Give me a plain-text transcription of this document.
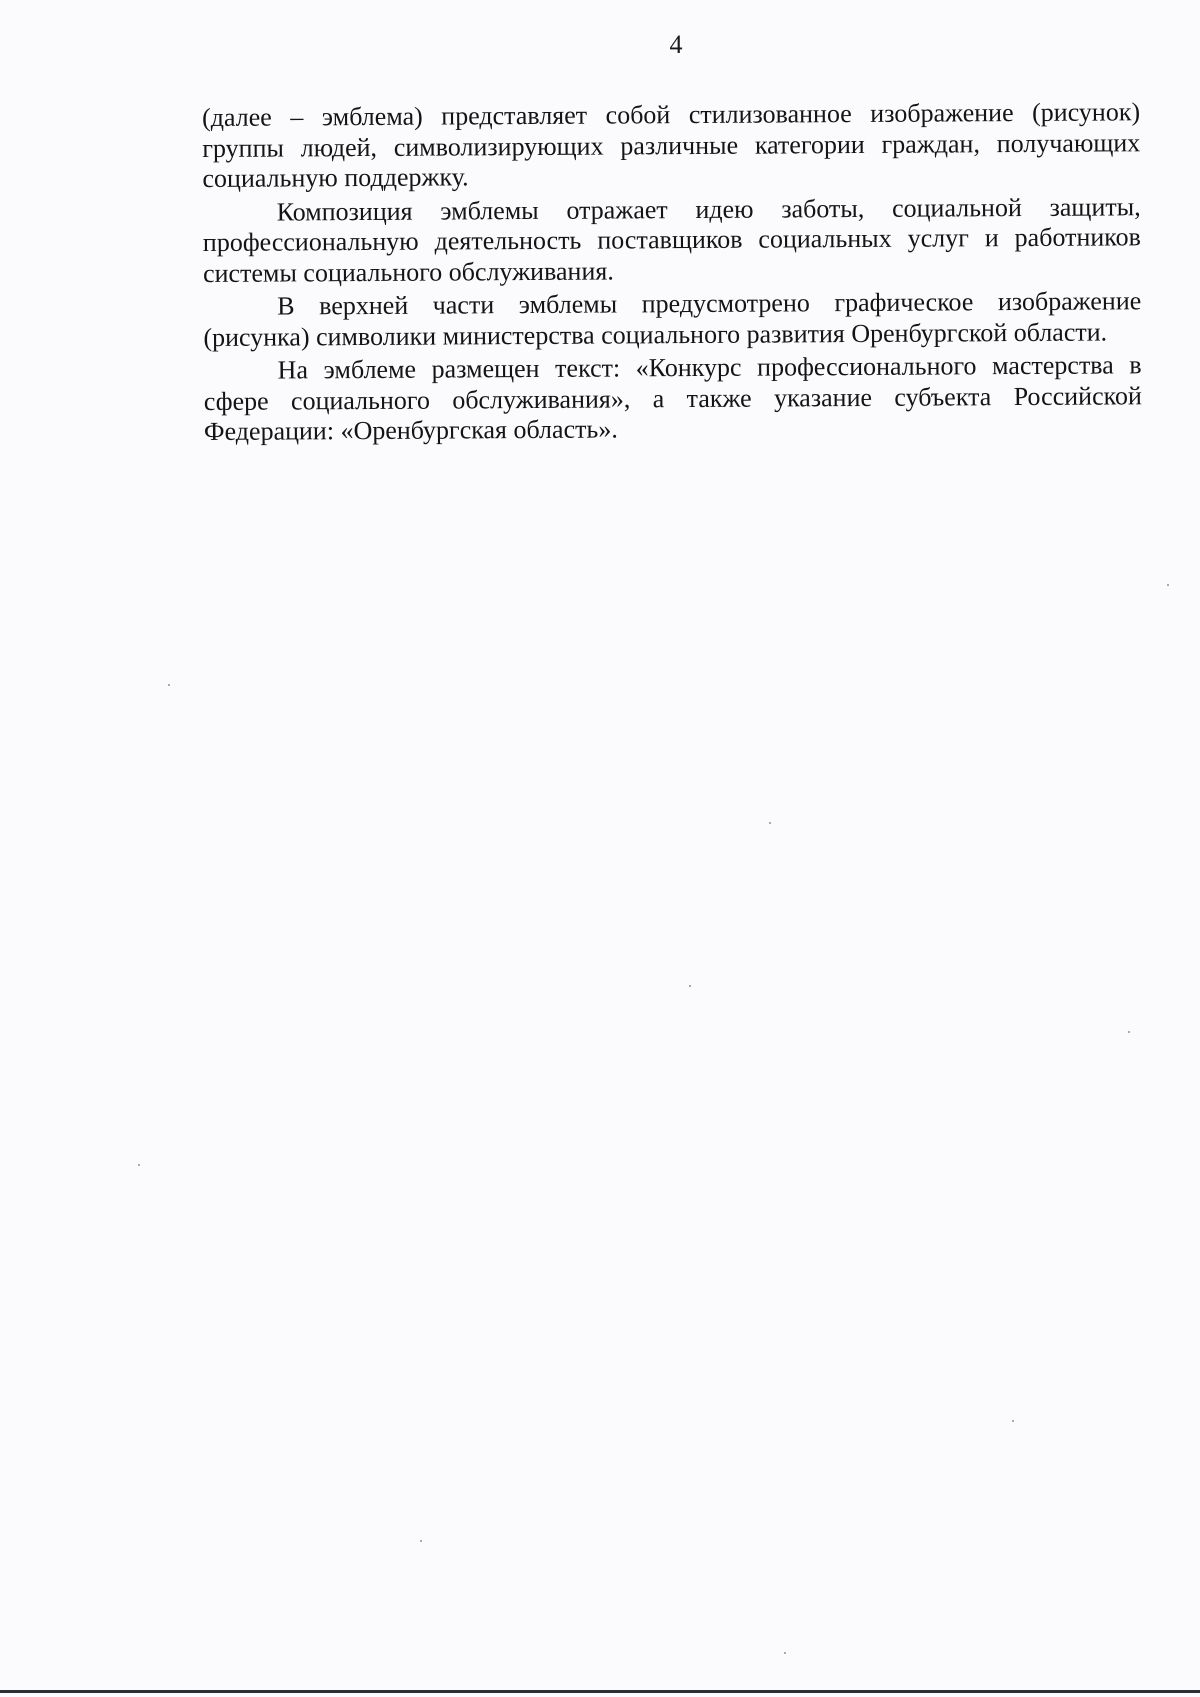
4

(далее – эмблема) представляет собой стилизованное изображение (рисунок) группы людей, символизирующих различные категории граждан, получающих социальную поддержку.

Композиция эмблемы отражает идею заботы, социальной защиты, профессиональную деятельность поставщиков социальных услуг и работников системы социального обслуживания.

В верхней части эмблемы предусмотрено графическое изображение (рисунка) символики министерства социального развития Оренбургской области.

На эмблеме размещен текст: «Конкурс профессионального мастерства в сфере социального обслуживания», а также указание субъекта Российской Федерации: «Оренбургская область».
